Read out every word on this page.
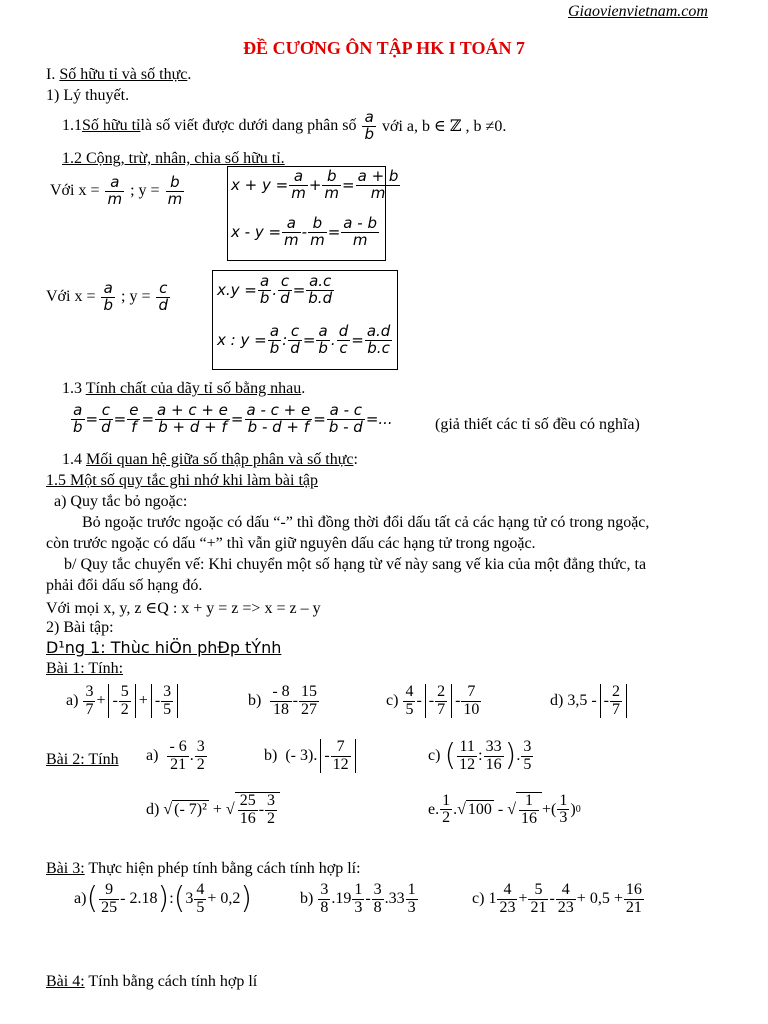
Giaovienvietnam.com
ĐỀ CƯƠNG ÔN TẬP HK I TOÁN 7
I. Số hữu tỉ và số thực.
1) Lý thuyết.
1.1 Số hữu tỉ là số viết được dưới dang phân số $\frac{a}{b}$ với a, b ∈ ℤ , b ≠0.
1.2 Cộng, trừ, nhân, chia số hữu tỉ.
Với $x = \frac{a}{m}$ ; $y = \frac{b}{m}$	$x + y = \frac{a}{m} + \frac{b}{m} = \frac{a + b}{m}$
$x - y = \frac{a}{m} - \frac{b}{m} = \frac{a - b}{m}$
Với $x = \frac{a}{b}$ ; $y = \frac{c}{d}$	$x.y = \frac{a}{b}$ . $\frac{c}{d} = \frac{a.c}{b.d}$
x : $y = \frac{a}{b}$ : $\frac{c}{d} = \frac{a}{b}$ . $\frac{d}{c} = \frac{a.d}{b.c}$
1.3 Tính chất của dãy tỉ số bằng nhau.
$\frac{a}{b} = \frac{c}{d} = \frac{e}{f} = \frac{a + c + e}{b + d + f} = \frac{a - c + e}{b - d + f} = \frac{a - c}{b - d}$ =...	(giả thiết các tỉ số đều có nghĩa)
1.4 Mối quan hệ giữa số thập phân và số thực:
1.5 Một số quy tắc ghi nhớ khi làm bài tập
a) Quy tắc bỏ ngoặc:
Bỏ ngoặc trước ngoặc có dấu “-” thì đồng thời đổi dấu tất cả các hạng tử có trong ngoặc,
còn trước ngoặc có dấu “+” thì vẫn giữ nguyên dấu các hạng tử trong ngoặc.
b/ Quy tắc chuyển vế: Khi chuyển một số hạng từ vế này sang vế kia của một đẳng thức, ta
phải đổi dấu số hạng đó.
Với mọi x, y, z ∈Q : x + y = z => x = z – y
2) Bài tập:
D¹ng 1: Thùc hiÖn phÐp tÝnh
Bài 1: Tính:
a)
$\frac{3}{7}$ + - $\frac{5}{2}$ + - $\frac{3}{5}$	b)
$\frac{- 8}{18} - \frac{15}{27}$	c)
$\frac{4}{5}$ - - $\frac{2}{7} - \frac{7}{10}$	d) 3,5 - - $\frac{2}{7}$
Bài 2: Tính a)
$\frac{- 6}{21}$ . $\frac{3}{2}$	b) (- 3). - $\frac{7}{12}$	c)
( $\frac{11}{12}$ : $\frac{33}{16}$ ) . $\frac{3}{5}$
d) √ (- 7)² + √ $\frac{25}{16} - \frac{3}{2}$	e. $\frac{1}{2}$ .√ 100 - √ $\frac{1}{16}$ +( $\frac{1}{3}$ ) 0
Bài 3: Thực hiện phép tính bằng cách tính hợp lí:
a) ( $\frac{9}{25} - 2.18$ ) : ( $3 \frac{4}{5} + 0,2$ )	b)
$\frac{3}{8} .19 \frac{1}{3} - \frac{3}{8} .33 \frac{1}{3}$	c) $1 \frac{4}{23} + \frac{5}{21} - \frac{4}{23} + 0,5 + \frac{16}{21}$
Bài 4: Tính bằng cách tính hợp lí
